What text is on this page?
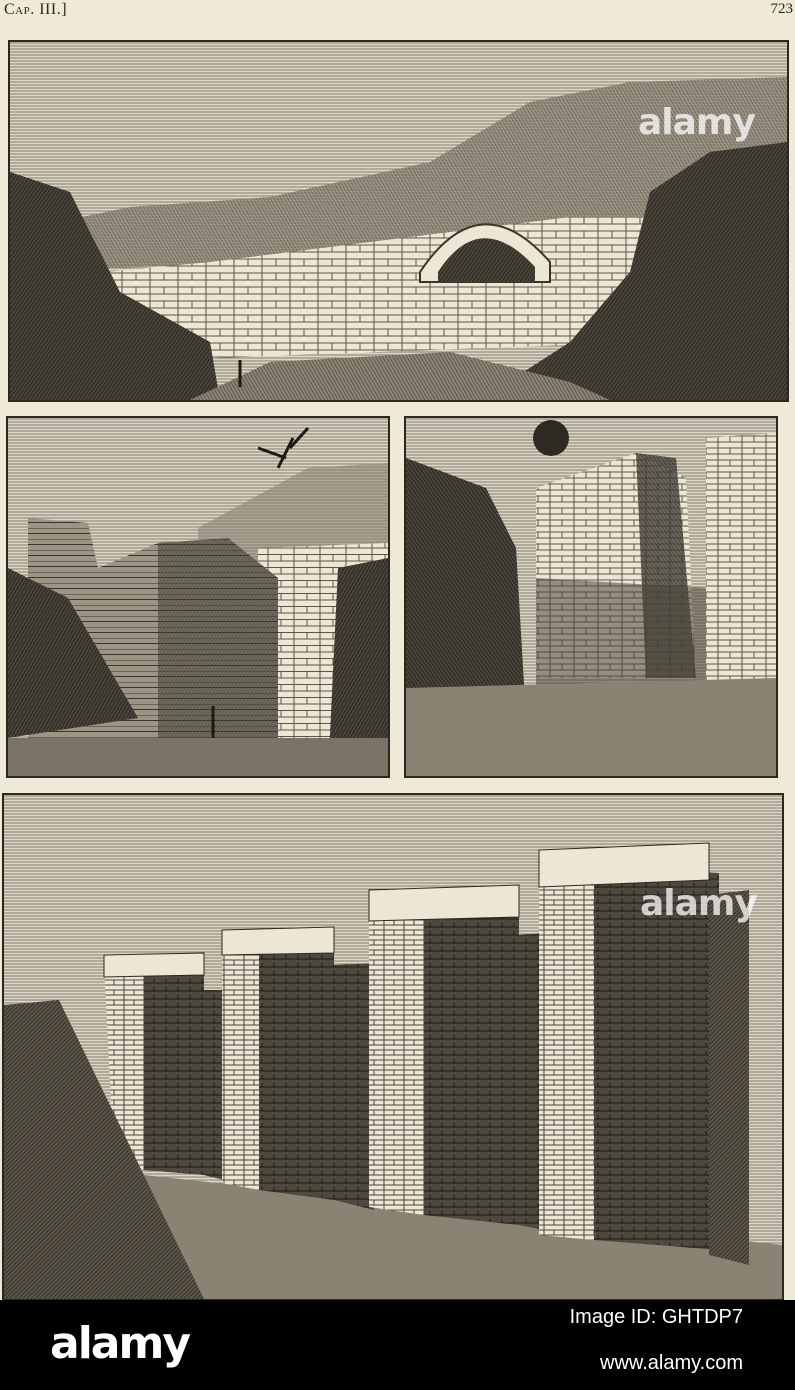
Cap. III.]	723
alamy
alamy
alamy
Image ID: GHTDP7
www.alamy.com
